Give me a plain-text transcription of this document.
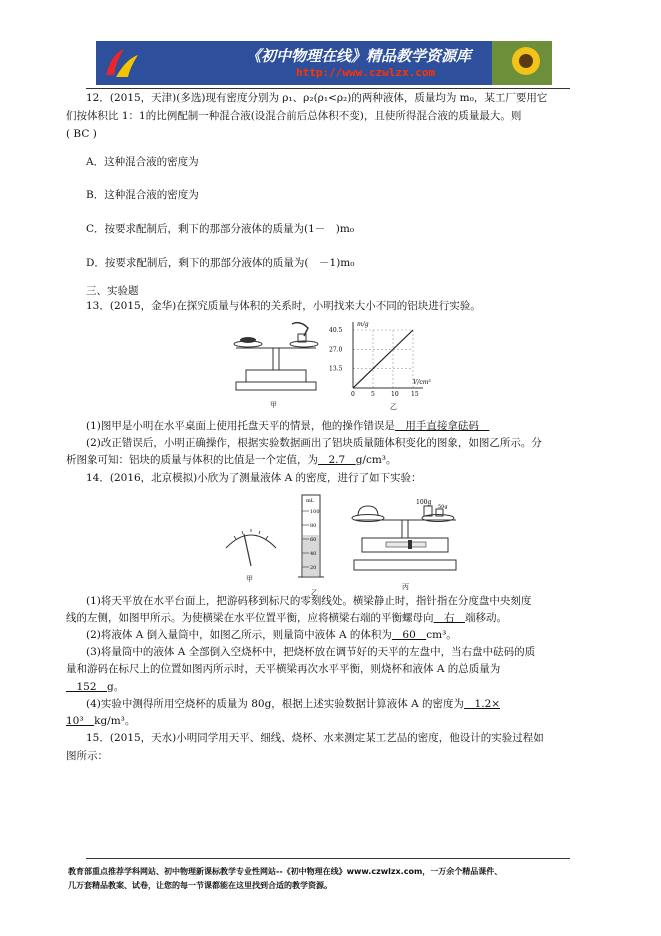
《初中物理在线》精品教学资源库
http://www.czwlzx.com
12．(2015，天津)(多选)现有密度分别为 ρ₁、ρ₂(ρ₁<ρ₂)的两种液体，质量均为 m₀，某工厂要用它
们按体积比 1：1的比例配制一种混合液(设混合前后总体积不变)，且使所得混合液的质量最大。则
( BC )
A．这种混合液的密度为
B．这种混合液的密度为
C．按要求配制后，剩下的那部分液体的质量为(1－　)m₀
D．按要求配制后，剩下的那部分液体的质量为(　－1)m₀
三、实验题
13．(2015，金华)在探究质量与体积的关系时，小明找来大小不同的铝块进行实验。
甲
13.5
27.0
40.5
0	5	10 15
m/g
V/cm³
乙
(1)图甲是小明在水平桌面上使用托盘天平的情景，他的操作错误是　用手直接拿砝码　
(2)改正错误后，小明正确操作，根据实验数据画出了铝块质量随体积变化的图象，如图乙所示。分
析图象可知：铝块的质量与体积的比值是一个定值，为　2.7　g/cm³。
14．(2016，北京模拟)小欣为了测量液体 A 的密度，进行了如下实验：
甲
mL
100
80
60
40
20
乙
100g
50g
丙
(1)将天平放在水平台面上，把游码移到标尺的零刻线处。横梁静止时，指针指在分度盘中央刻度
线的左侧，如图甲所示。为使横梁在水平位置平衡，应将横梁右端的平衡螺母向　右　端移动。
(2)将液体 A 倒入量筒中，如图乙所示，则量筒中液体 A 的体积为　60　cm³。
(3)将量筒中的液体 A 全部倒入空烧杯中，把烧杯放在调节好的天平的左盘中，当右盘中砝码的质
量和游码在标尺上的位置如图丙所示时，天平横梁再次水平平衡，则烧杯和液体 A 的总质量为
　152　g。
(4)实验中测得所用空烧杯的质量为 80g，根据上述实验数据计算液体 A 的密度为　1.2×
10³　kg/m³。
15．(2015，天水)小明同学用天平、细线、烧杯、水来测定某工艺品的密度，他设计的实验过程如
图所示：
教育部重点推荐学科网站、初中物理新课标教学专业性网站--《初中物理在线》www.czwlzx.com，一万余个精品课件、
几万套精品教案、试卷，让您的每一节课都能在这里找到合适的教学资源。
